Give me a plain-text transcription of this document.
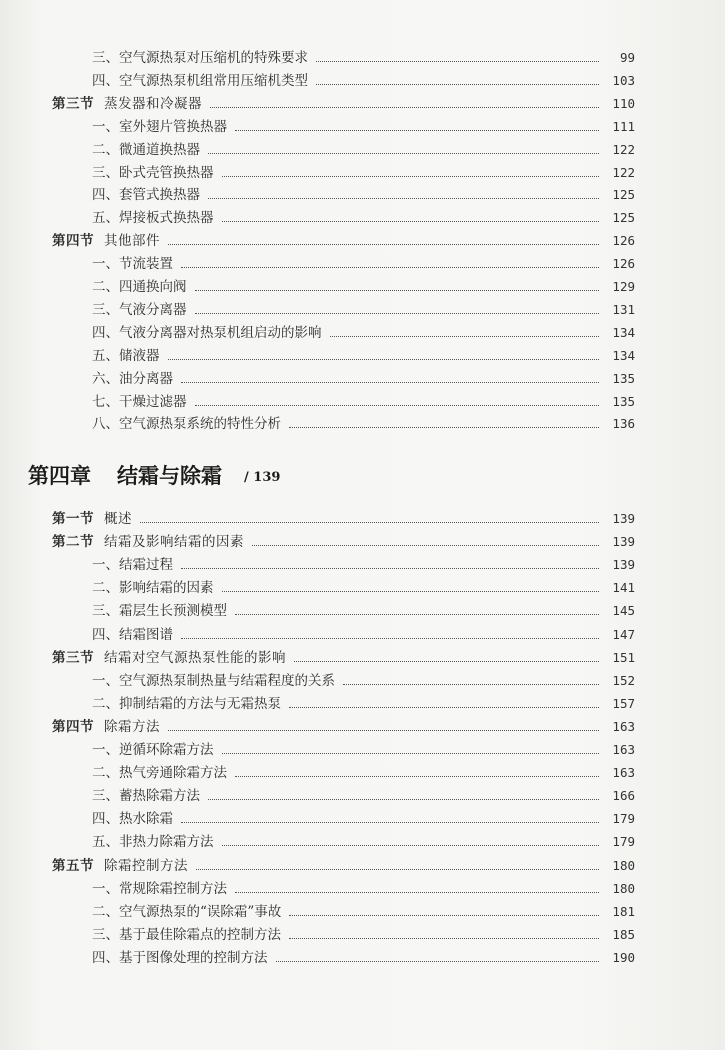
三、空气源热泵对压缩机的特殊要求	99
四、空气源热泵机组常用压缩机类型	103
第三节 蒸发器和冷凝器	110
一、室外翅片管换热器	111
二、微通道换热器	122
三、卧式壳管换热器	122
四、套管式换热器	125
五、焊接板式换热器	125
第四节 其他部件	126
一、节流装置	126
二、四通换向阀	129
三、气液分离器	131
四、气液分离器对热泵机组启动的影响	134
五、储液器	134
六、油分离器	135
七、干燥过滤器	135
八、空气源热泵系统的特性分析	136
第四章 结霜与除霜 / 139
第一节 概述	139
第二节 结霜及影响结霜的因素	139
一、结霜过程	139
二、影响结霜的因素	141
三、霜层生长预测模型	145
四、结霜图谱	147
第三节 结霜对空气源热泵性能的影响	151
一、空气源热泵制热量与结霜程度的关系	152
二、抑制结霜的方法与无霜热泵	157
第四节 除霜方法	163
一、逆循环除霜方法	163
二、热气旁通除霜方法	163
三、蓄热除霜方法	166
四、热水除霜	179
五、非热力除霜方法	179
第五节 除霜控制方法	180
一、常规除霜控制方法	180
二、空气源热泵的“误除霜”事故	181
三、基于最佳除霜点的控制方法	185
四、基于图像处理的控制方法	190
